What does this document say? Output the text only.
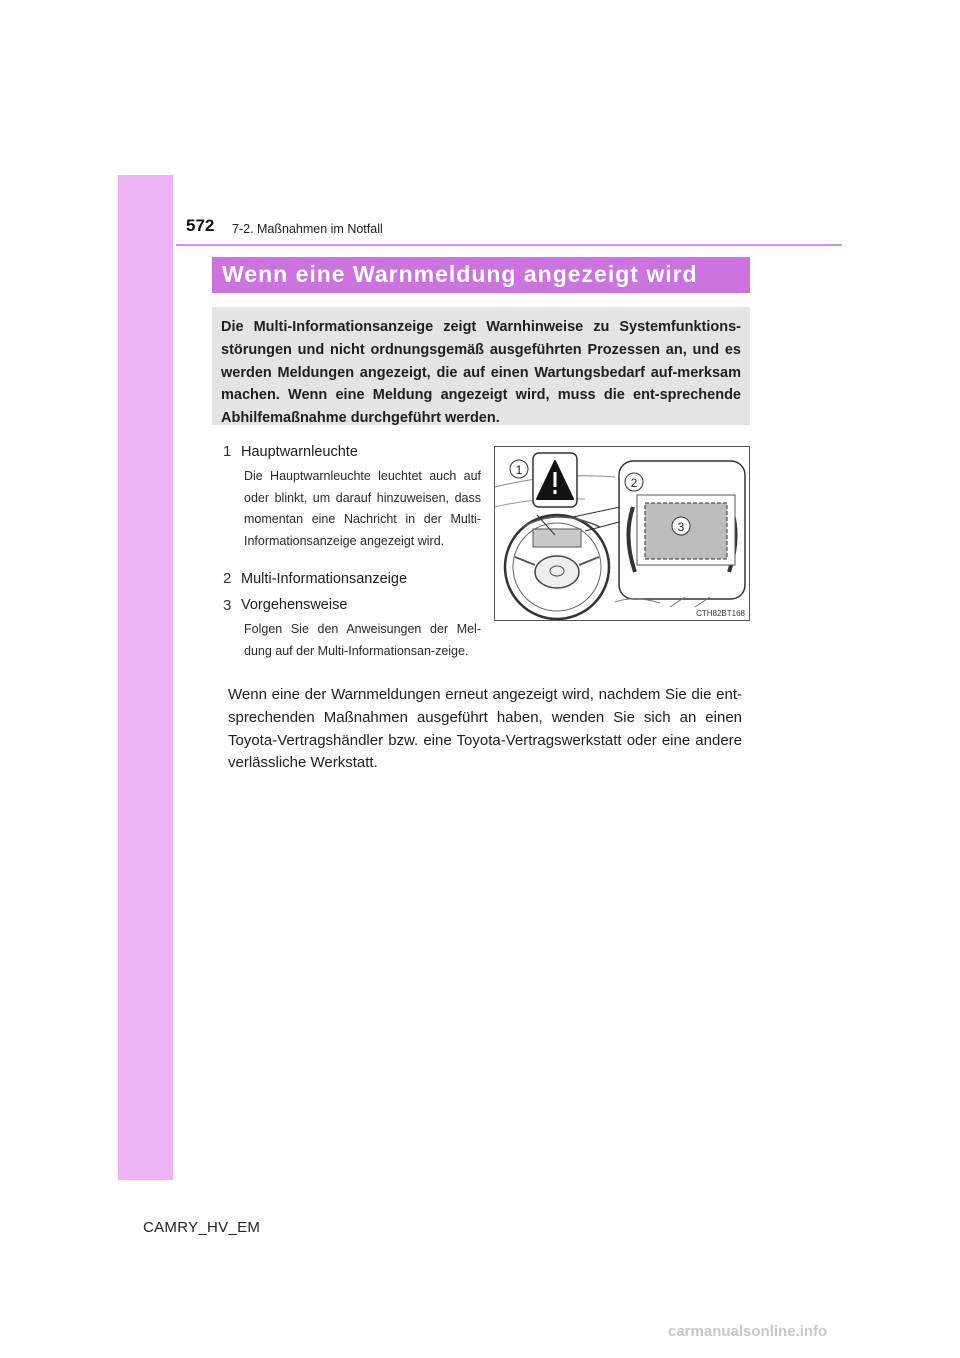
572 7-2. Maßnahmen im Notfall
Wenn eine Warnmeldung angezeigt wird

Die Multi-Informationsanzeige zeigt Warnhinweise zu Systemfunktions-störungen und nicht ordnungsgemäß ausgeführten Prozessen an, und es werden Meldungen angezeigt, die auf einen Wartungsbedarf auf-merksam machen. Wenn eine Meldung angezeigt wird, muss die ent-sprechende Abhilfemaßnahme durchgeführt werden.

1 Hauptwarnleuchte

Die Hauptwarnleuchte leuchtet auch auf oder blinkt, um darauf hinzuweisen, dass momentan eine Nachricht in der Multi-Informationsanzeige angezeigt wird.

2 Multi-Informationsanzeige
3 Vorgehensweise

Folgen Sie den Anweisungen der Mel-dung auf der Multi-Informationsan-zeige.

1
2
3
CTH82BT168

Wenn eine der Warnmeldungen erneut angezeigt wird, nachdem Sie die ent-sprechenden Maßnahmen ausgeführt haben, wenden Sie sich an einen Toyota-Vertragshändler bzw. eine Toyota-Vertragswerkstatt oder eine andere verlässliche Werkstatt.

CAMRY_HV_EM
carmanualsonline.info
